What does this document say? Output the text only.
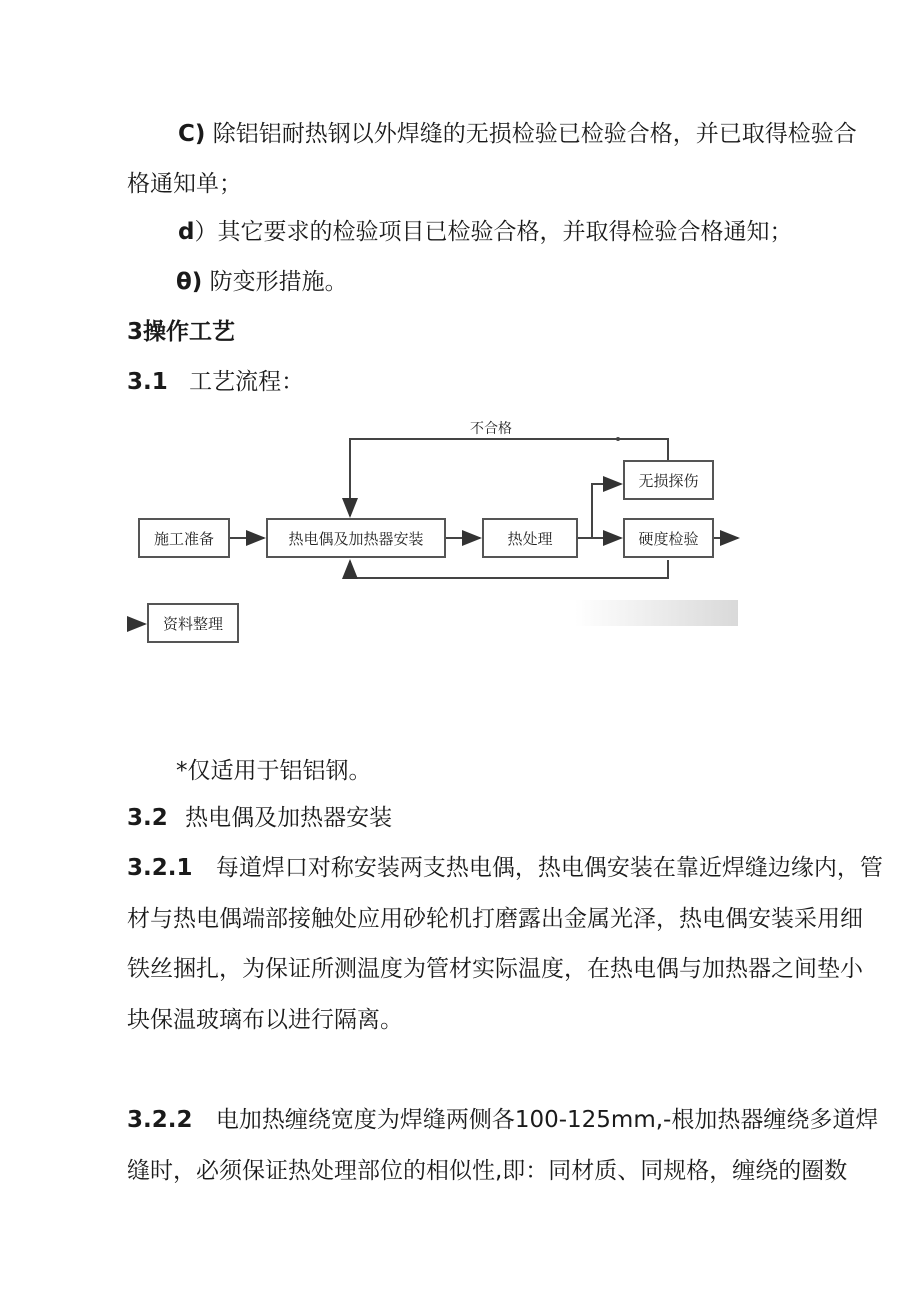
C) 除铝铝耐热钢以外焊缝的无损检验已检验合格，并已取得检验合
格通知单；
d）其它要求的检验项目已检验合格，并取得检验合格通知；
θ) 防变形措施。
3操作工艺
3.1 工艺流程：
施工准备	热电偶及加热器安装	热处理
无损探伤
硬度检验
资料整理
不合格
*仅适用于铝铝钢。
3.2 热电偶及加热器安装
3.2.1 每道焊口对称安装两支热电偶，热电偶安装在靠近焊缝边缘内，管
材与热电偶端部接触处应用砂轮机打磨露出金属光泽，热电偶安装采用细
铁丝捆扎，为保证所测温度为管材实际温度，在热电偶与加热器之间垫小
块保温玻璃布以进行隔离。
3.2.2 电加热缠绕宽度为焊缝两侧各100-125mm,-根加热器缠绕多道焊
缝时，必须保证热处理部位的相似性,即：同材质、同规格，缠绕的圈数
